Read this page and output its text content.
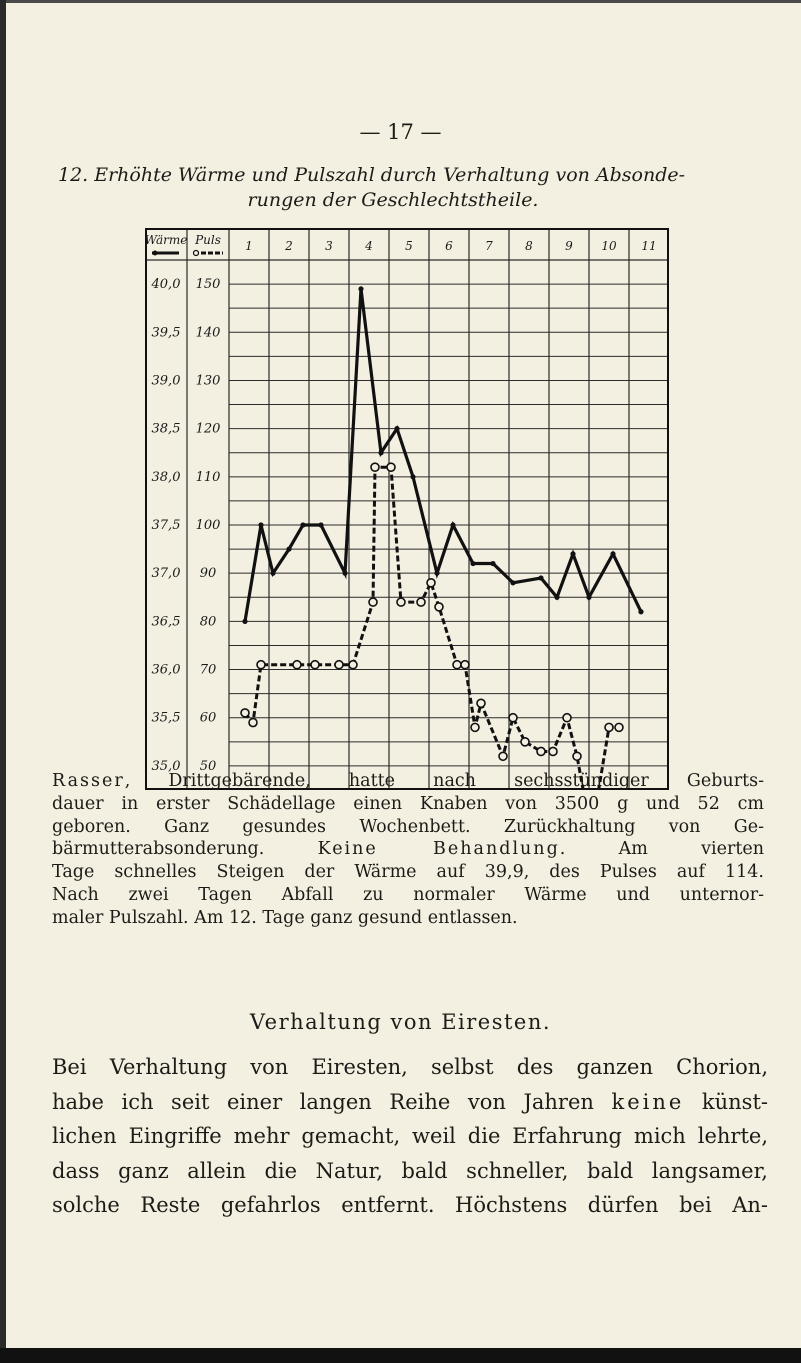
— 17 —
12. Erhöhte Wärme und Pulszahl durch Verhaltung von Absonde-
rungen der Geschlechtstheile.
Wärme Puls 1	2	3	4	5	6	7	8	9 10 11
40,0
39,5
39,0
38,5
38,0
37,5
37,0
36,5
36,0
35,5
35,0
150
140
130
120
110
100
90
80
70
60
50
Rasser, Drittgebärende, hatte nach sechsstündiger Geburts-
dauer in erster Schädellage einen Knaben von 3500 g und 52 cm
geboren. Ganz gesundes Wochenbett. Zurückhaltung von Ge-
bärmutterabsonderung.	Keine Behandlung. Am vierten
Tage schnelles Steigen der Wärme auf 39,9, des Pulses auf 114.
Nach zwei Tagen Abfall zu normaler Wärme und unternor-
maler Pulszahl. Am 12. Tage ganz gesund entlassen.
Verhaltung von Eiresten.
Bei Verhaltung von Eiresten, selbst des ganzen Chorion,
habe ich seit einer langen Reihe von Jahren keine künst-
lichen Eingriffe mehr gemacht, weil die Erfahrung mich lehrte,
dass ganz allein die Natur, bald schneller, bald langsamer,
solche Reste gefahrlos entfernt. Höchstens dürfen bei An-
